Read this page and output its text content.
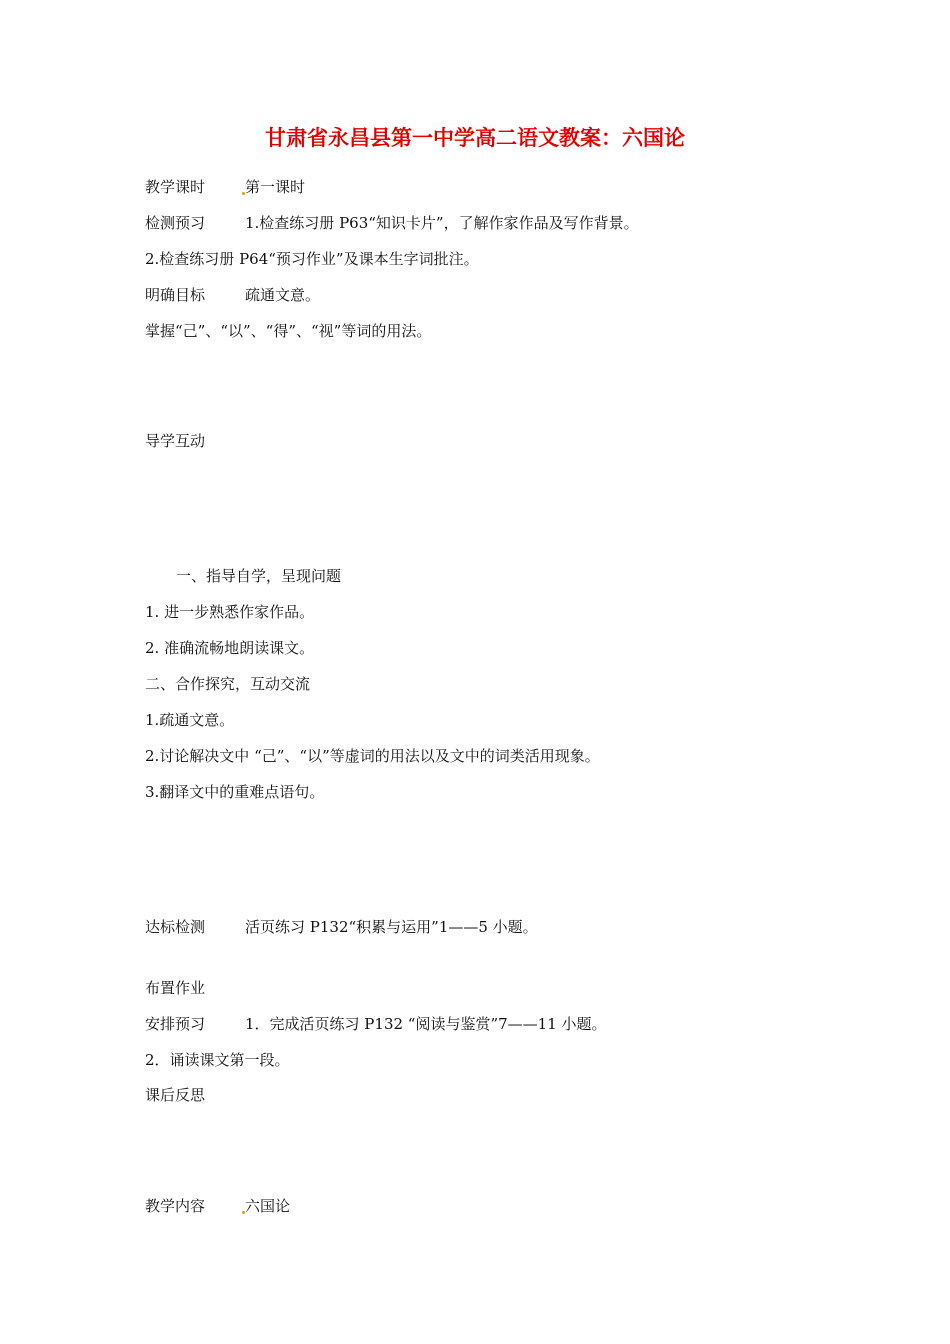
甘肃省永昌县第一中学高二语文教案：六国论
教学课时	第一课时
检测预习	1.检查练习册 P63“知识卡片”，了解作家作品及写作背景。
2.检查练习册 P64“预习作业”及课本生字词批注。
明确目标	疏通文意。
掌握“己”、“以”、“得”、“视”等词的用法。
导学互动
一、指导自学，呈现问题
1. 进一步熟悉作家作品。
2. 准确流畅地朗读课文。
二、合作探究，互动交流
1.疏通文意。
2.讨论解决文中 “己”、“以”等虚词的用法以及文中的词类活用现象。
3.翻译文中的重难点语句。
达标检测	活页练习 P132“积累与运用”1——5 小题。
布置作业
安排预习	1．完成活页练习 P132 “阅读与鉴赏”7——11 小题。
2．诵读课文第一段。
课后反思
教学内容	六国论
